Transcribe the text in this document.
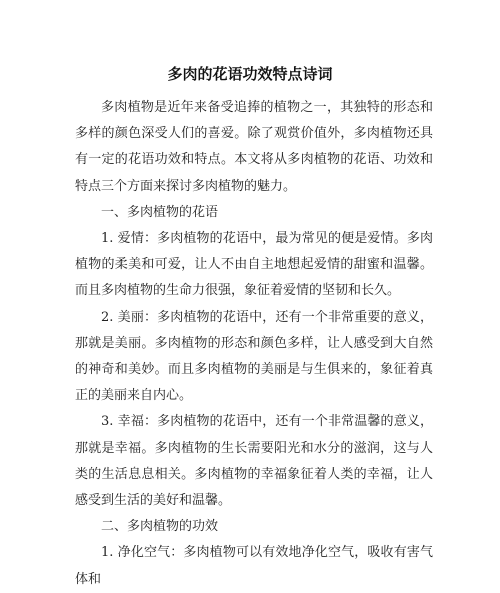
多肉的花语功效特点诗词

多肉植物是近年来备受追捧的植物之一，其独特的形态和多样的颜色深受人们的喜爱。除了观赏价值外，多肉植物还具有一定的花语功效和特点。本文将从多肉植物的花语、功效和特点三个方面来探讨多肉植物的魅力。

一、多肉植物的花语

1. 爱情：多肉植物的花语中，最为常见的便是爱情。多肉植物的柔美和可爱，让人不由自主地想起爱情的甜蜜和温馨。而且多肉植物的生命力很强，象征着爱情的坚韧和长久。

2. 美丽：多肉植物的花语中，还有一个非常重要的意义，那就是美丽。多肉植物的形态和颜色多样，让人感受到大自然的神奇和美妙。而且多肉植物的美丽是与生俱来的，象征着真正的美丽来自内心。

3. 幸福：多肉植物的花语中，还有一个非常温馨的意义，那就是幸福。多肉植物的生长需要阳光和水分的滋润，这与人类的生活息息相关。多肉植物的幸福象征着人类的幸福，让人感受到生活的美好和温馨。

二、多肉植物的功效

1. 净化空气：多肉植物可以有效地净化空气，吸收有害气体和
